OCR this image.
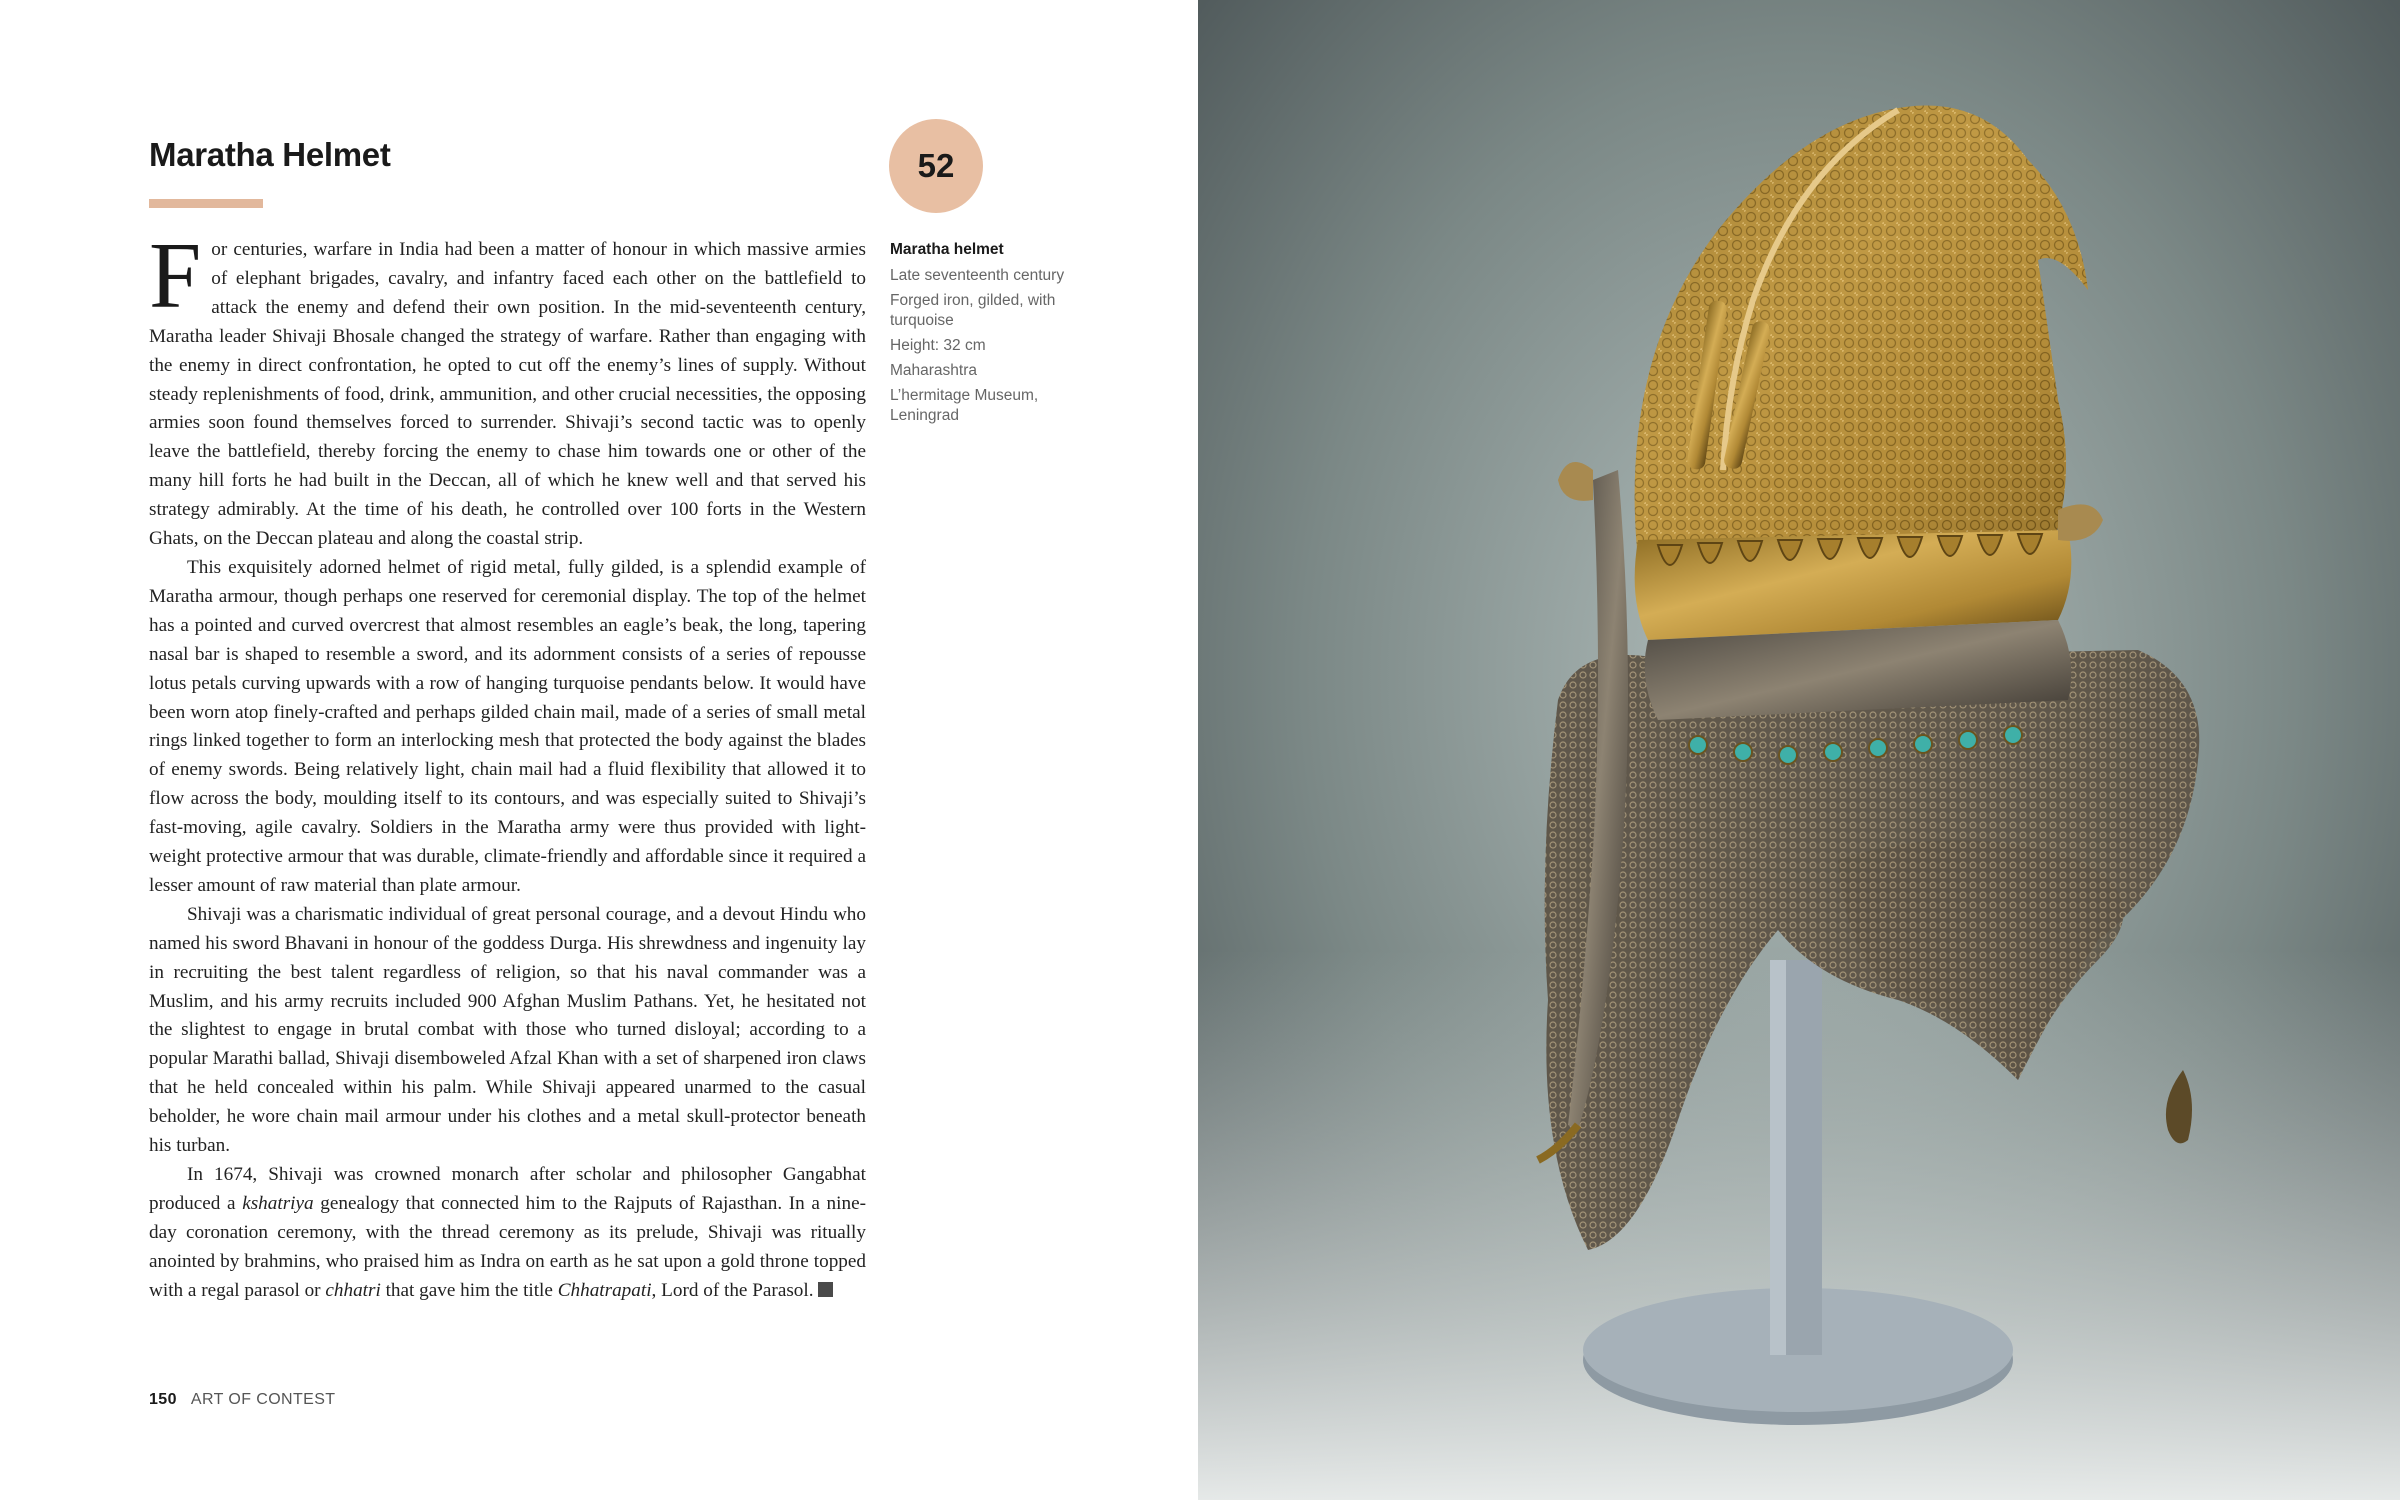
Maratha Helmet	52
Maratha helmet
Late seventeenth century
Forged iron, gilded, with turquoise
Height: 32 cm
Maharashtra
L’hermitage Museum, Leningrad

For centuries, warfare in India had been a matter of honour in which massive armies of elephant brigades, cavalry, and infantry faced each other on the battlefield to attack the enemy and defend their own position. In the mid-seventeenth century, Maratha leader Shivaji Bhosale changed the strategy of warfare. Rather than engaging with the enemy in direct confrontation, he opted to cut off the enemy’s lines of supply. Without steady replenishments of food, drink, ammunition, and other crucial necessities, the opposing armies soon found themselves forced to surrender. Shivaji’s second tactic was to openly leave the battlefield, thereby forcing the enemy to chase him towards one or other of the many hill forts he had built in the Deccan, all of which he knew well and that served his strategy admirably. At the time of his death, he controlled over 100 forts in the Western Ghats, on the Deccan plateau and along the coastal strip.

This exquisitely adorned helmet of rigid metal, fully gilded, is a splendid example of Maratha armour, though perhaps one reserved for ceremonial display. The top of the helmet has a pointed and curved overcrest that almost resembles an eagle’s beak, the long, tapering nasal bar is shaped to resemble a sword, and its adornment consists of a series of repousse lotus petals curving upwards with a row of hanging turquoise pendants below. It would have been worn atop finely-crafted and perhaps gilded chain mail, made of a series of small metal rings linked together to form an interlocking mesh that protected the body against the blades of enemy swords. Being relatively light, chain mail had a fluid flexibility that allowed it to flow across the body, moulding itself to its contours, and was especially suited to Shivaji’s fast-moving, agile cavalry. Soldiers in the Maratha army were thus provided with light-weight protective armour that was durable, climate-friendly and affordable since it required a lesser amount of raw material than plate armour.

Shivaji was a charismatic individual of great personal courage, and a devout Hindu who named his sword Bhavani in honour of the goddess Durga. His shrewdness and ingenuity lay in recruiting the best talent regardless of religion, so that his naval commander was a Muslim, and his army recruits included 900 Afghan Muslim Pathans. Yet, he hesitated not the slightest to engage in brutal combat with those who turned disloyal; according to a popular Marathi ballad, Shivaji disemboweled Afzal Khan with a set of sharpened iron claws that he held concealed within his palm. While Shivaji appeared unarmed to the casual beholder, he wore chain mail armour under his clothes and a metal skull-protector beneath his turban.

In 1674, Shivaji was crowned monarch after scholar and philosopher Gangabhat produced a kshatriya genealogy that connected him to the Rajputs of Rajasthan. In a nine-day coronation ceremony, with the thread ceremony as its prelude, Shivaji was ritually anointed by brahmins, who praised him as Indra on earth as he sat upon a gold throne topped with a regal parasol or chhatri that gave him the title Chhatrapati, Lord of the Parasol.

150 ART OF CONTEST
